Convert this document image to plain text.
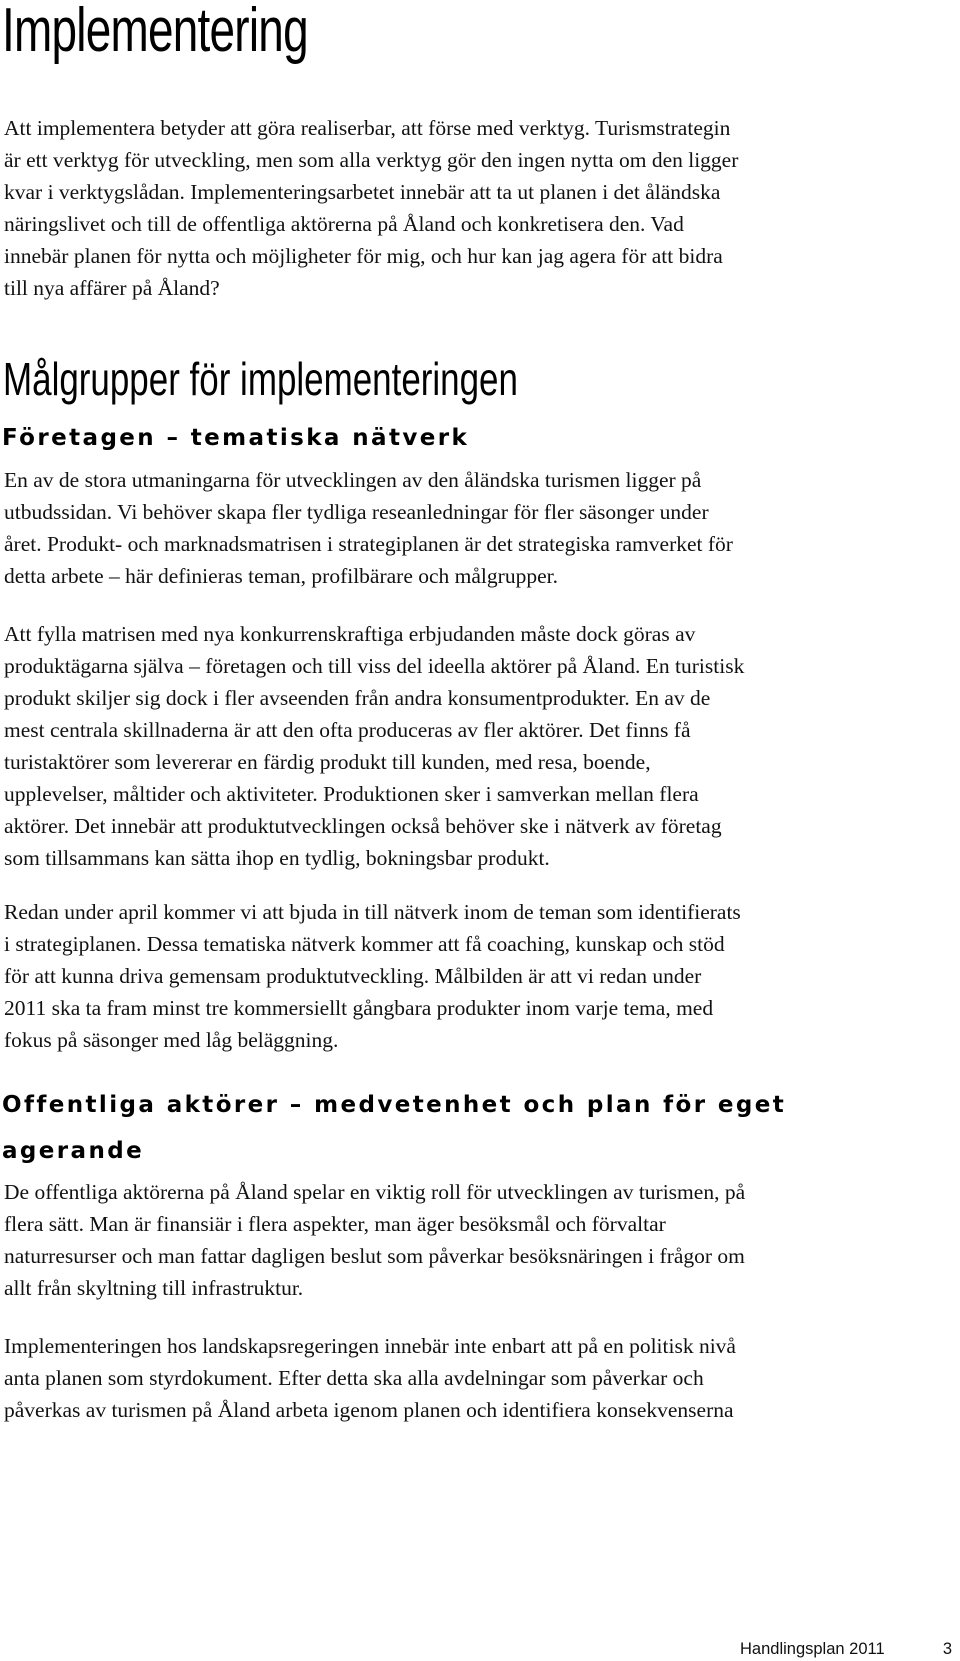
Implementering
Att implementera betyder att göra realiserbar, att förse med verktyg. Turismstrategin
är ett verktyg för utveckling, men som alla verktyg gör den ingen nytta om den ligger
kvar i verktygslådan. Implementeringsarbetet innebär att ta ut planen i det åländska
näringslivet och till de offentliga aktörerna på Åland och konkretisera den. Vad
innebär planen för nytta och möjligheter för mig, och hur kan jag agera för att bidra
till nya affärer på Åland?
Målgrupper för implementeringen
Företagen – tematiska nätverk
En av de stora utmaningarna för utvecklingen av den åländska turismen ligger på
utbudssidan. Vi behöver skapa fler tydliga reseanledningar för fler säsonger under
året. Produkt- och marknadsmatrisen i strategiplanen är det strategiska ramverket för
detta arbete – här definieras teman, profilbärare och målgrupper.
Att fylla matrisen med nya konkurrenskraftiga erbjudanden måste dock göras av
produktägarna själva – företagen och till viss del ideella aktörer på Åland. En turistisk
produkt skiljer sig dock i fler avseenden från andra konsumentprodukter. En av de
mest centrala skillnaderna är att den ofta produceras av fler aktörer. Det finns få
turistaktörer som levererar en färdig produkt till kunden, med resa, boende,
upplevelser, måltider och aktiviteter. Produktionen sker i samverkan mellan flera
aktörer. Det innebär att produktutvecklingen också behöver ske i nätverk av företag
som tillsammans kan sätta ihop en tydlig, bokningsbar produkt.
Redan under april kommer vi att bjuda in till nätverk inom de teman som identifierats
i strategiplanen. Dessa tematiska nätverk kommer att få coaching, kunskap och stöd
för att kunna driva gemensam produktutveckling. Målbilden är att vi redan under
2011 ska ta fram minst tre kommersiellt gångbara produkter inom varje tema, med
fokus på säsonger med låg beläggning.
Offentliga aktörer – medvetenhet och plan för eget
agerande
De offentliga aktörerna på Åland spelar en viktig roll för utvecklingen av turismen, på
flera sätt. Man är finansiär i flera aspekter, man äger besöksmål och förvaltar
naturresurser och man fattar dagligen beslut som påverkar besöksnäringen i frågor om
allt från skyltning till infrastruktur.
Implementeringen hos landskapsregeringen innebär inte enbart att på en politisk nivå
anta planen som styrdokument. Efter detta ska alla avdelningar som påverkar och
påverkas av turismen på Åland arbeta igenom planen och identifiera konsekvenserna
Handlingsplan 2011	3
